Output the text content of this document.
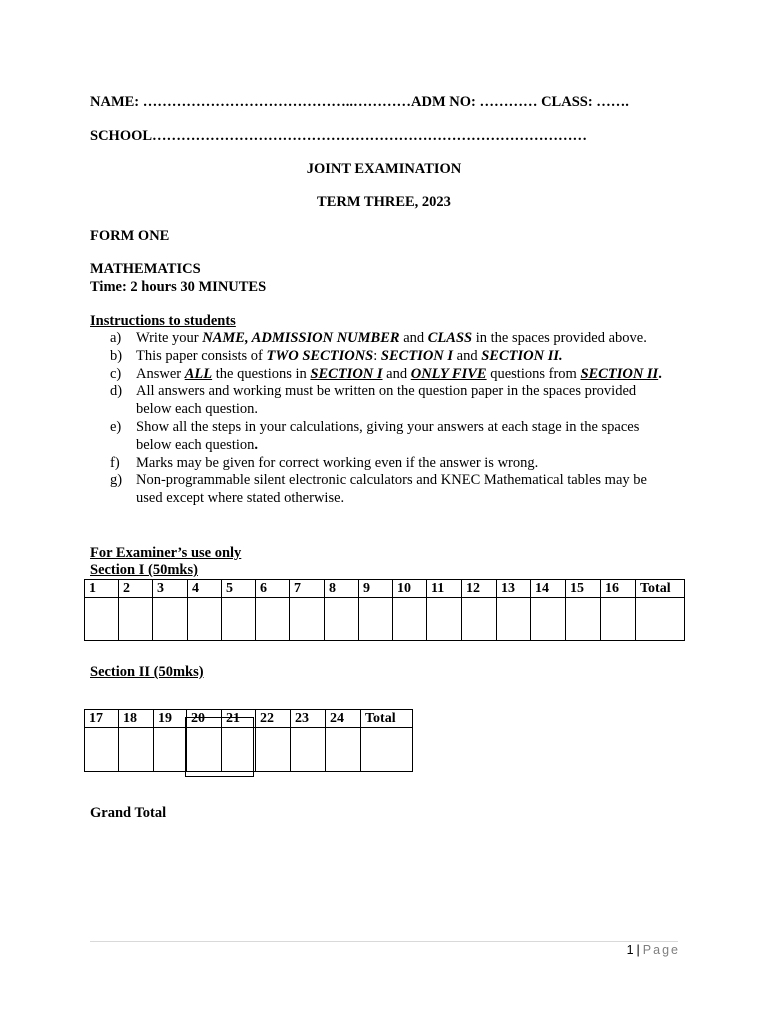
NAME: ……………………………………..…………ADM NO: ………… CLASS: …….
SCHOOL………………………………………………………………………………
JOINT EXAMINATION
TERM THREE, 2023
FORM ONE
MATHEMATICS
Time: 2 hours 30 MINUTES
Instructions to students
a) Write your NAME, ADMISSION NUMBER and CLASS in the spaces provided above.
b) This paper consists of TWO SECTIONS: SECTION I and SECTION II.
c) Answer ALL the questions in SECTION I and ONLY FIVE questions from SECTION II.
d) All answers and working must be written on the question paper in the spaces provided below each question.
e) Show all the steps in your calculations, giving your answers at each stage in the spaces below each question.
f) Marks may be given for correct working even if the answer is wrong.
g) Non-programmable silent electronic calculators and KNEC Mathematical tables may be used except where stated otherwise.
For Examiner’s use only
Section I (50mks)
1	2	3	4	5	6	7	8	9	10	11	12	13	14	15	16	Total

Section II (50mks)
17	18	19	20	21	22	23	24	Total

Grand Total
1 | Page
